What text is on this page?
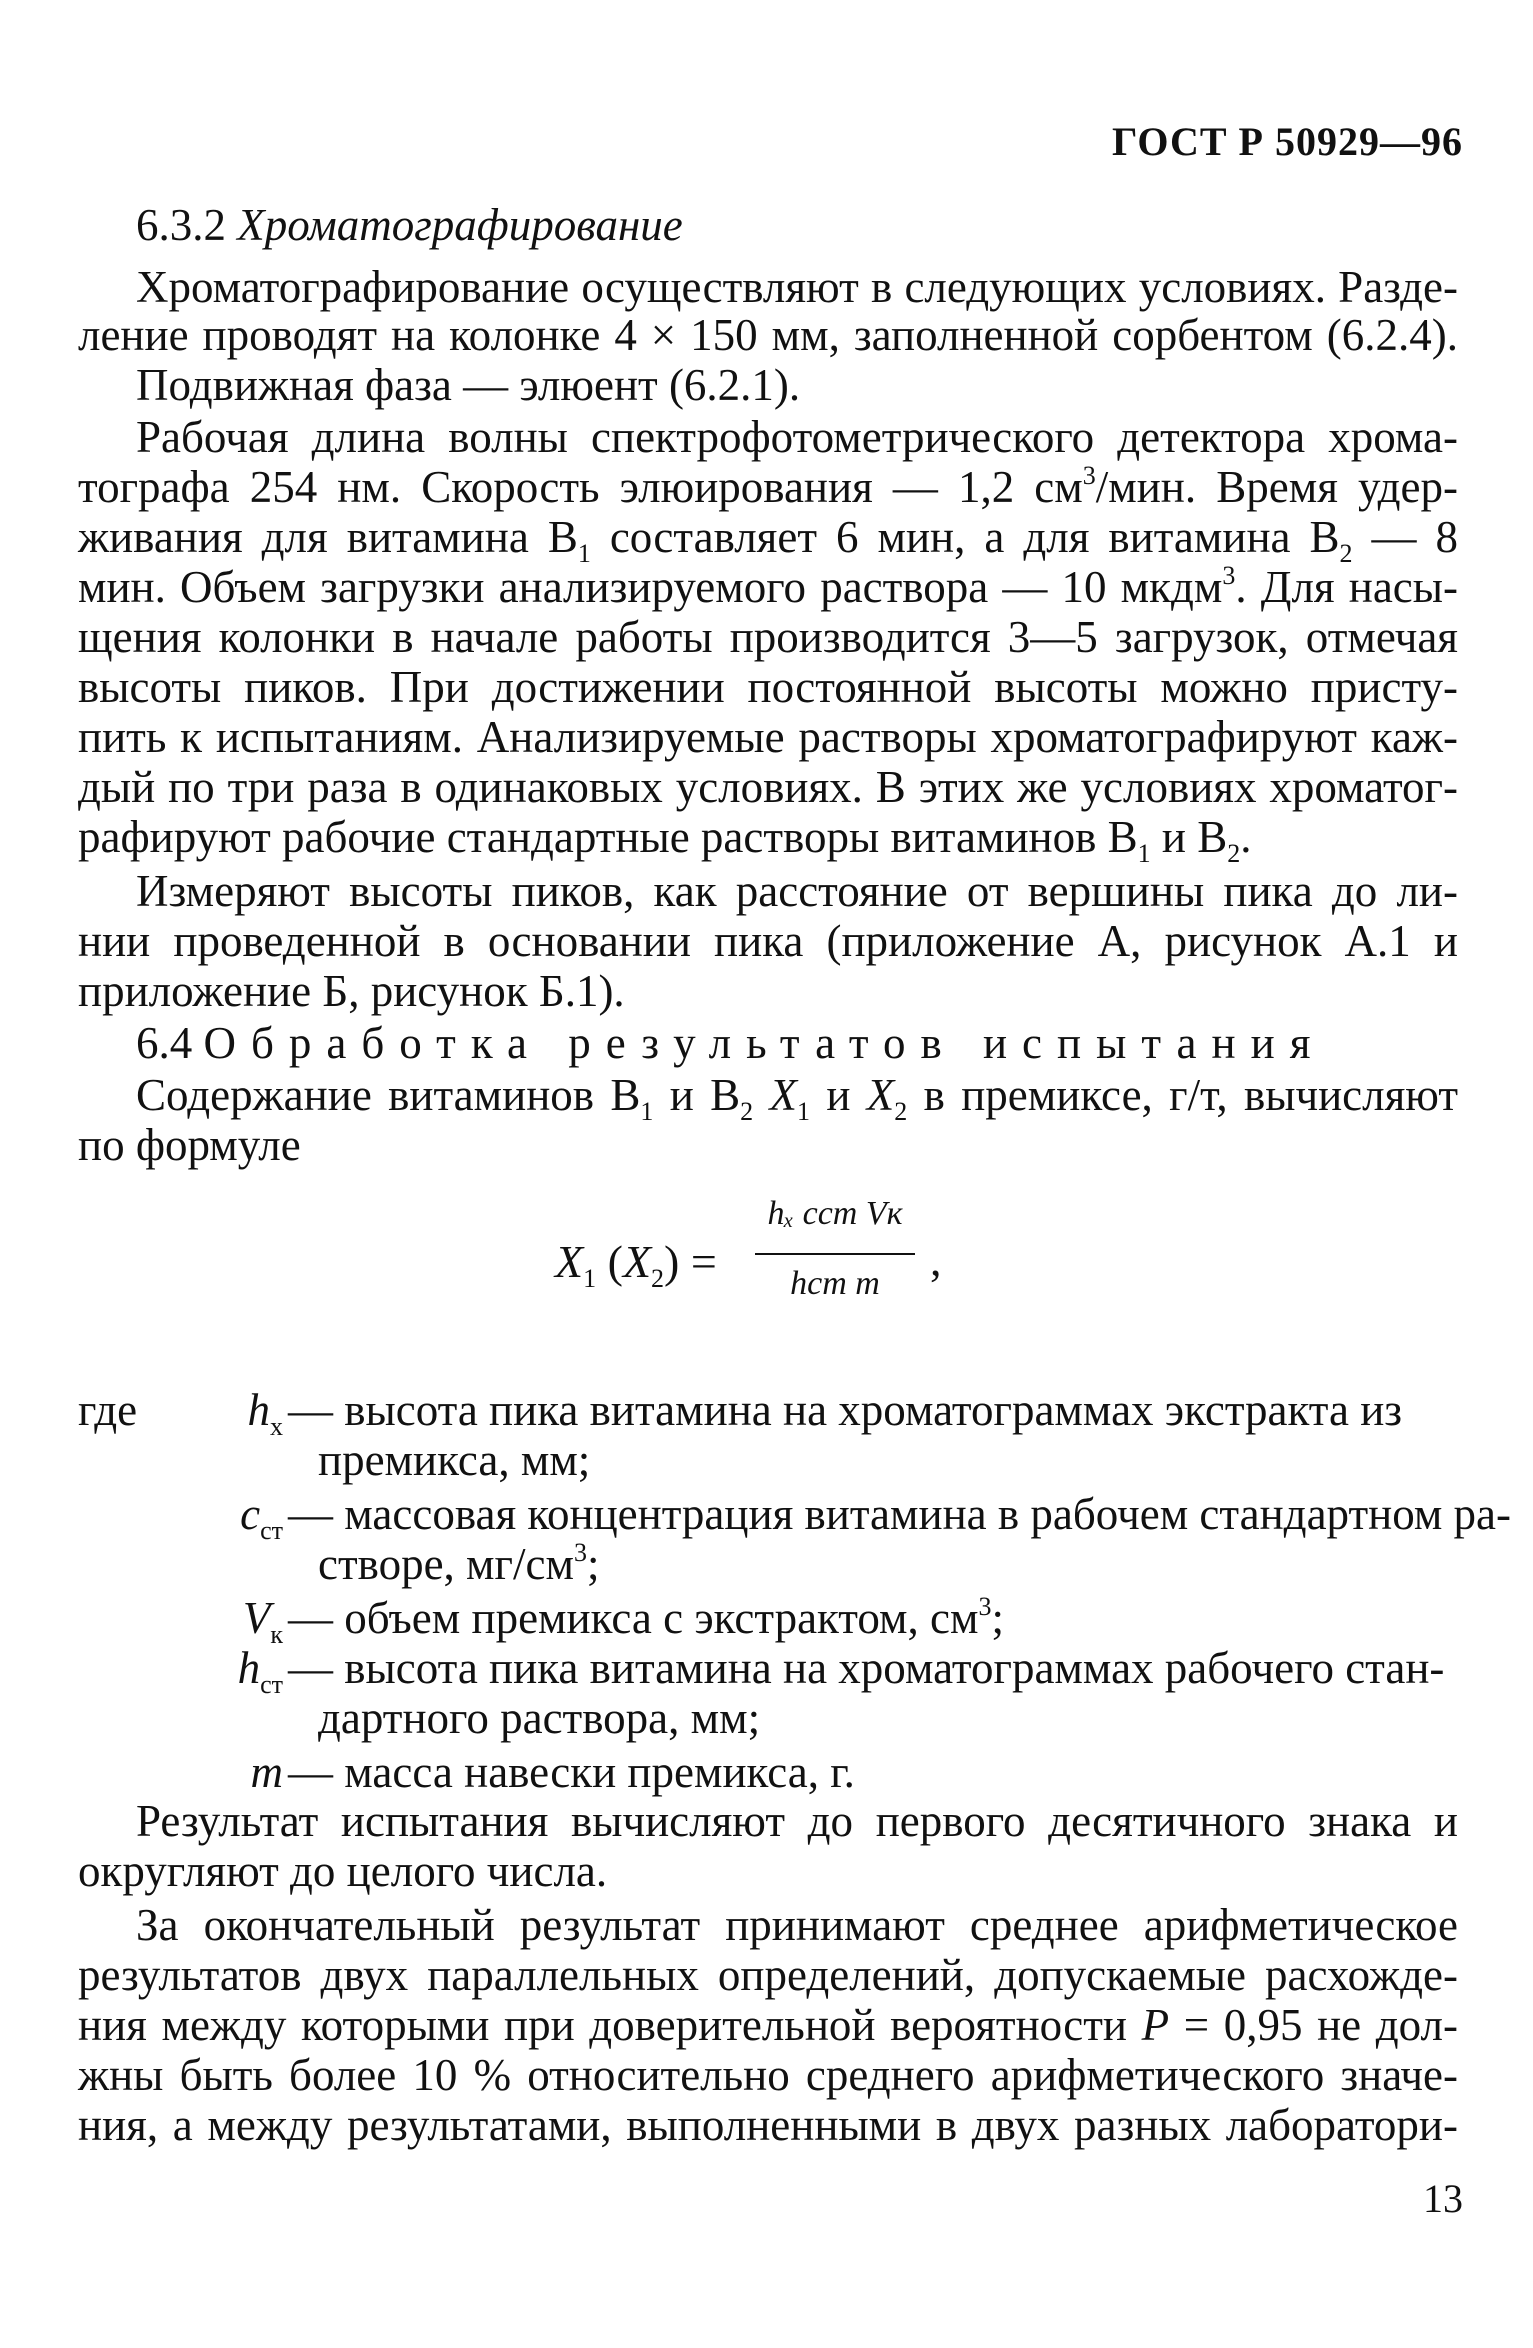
ГОСТ Р 50929—96
6.3.2 Хроматографирование
Хроматографирование осуществляют в следующих условиях. Разде-
ление проводят на колонке 4 × 150 мм, заполненной сорбентом (6.2.4).
Подвижная фаза — элюент (6.2.1).
Рабочая длина волны спектрофотометрического детектора хрома-
тографа 254 нм. Скорость элюирования — 1,2 $см^3$/мин. Время удер-
живания для витамина $В_1$ составляет 6 мин, а для витамина $В_2$ — 8
мин. Объем загрузки анализируемого раствора — 10 мкдм$^3$. Для насы-
щения колонки в начале работы производится 3—5 загрузок, отмечая
высоты пиков. При достижении постоянной высоты можно присту-
пить к испытаниям. Анализируемые растворы хроматографируют каж-
дый по три раза в одинаковых условиях. В этих же условиях хроматог-
рафируют рабочие стандартные растворы витаминов $В_1$ и $В_2$.
Измеряют высоты пиков, как расстояние от вершины пика до ли-
нии проведенной в основании пика (приложение А, рисунок А.1 и
приложение Б, рисунок Б.1).
6.4 Обработка результатов испытания
Содержание витаминов $В_1$ и $В_2$ $X_1$ и $X_2$ в премиксе, г/т, вычисляют
по формуле
$X_1$ $(X_2)$ =
hₓ cст Vк
hст m	,
где $h_х$ — высота пика витамина на хроматограммах экстракта из
премикса, мм;
$c_{ст}$ — массовая концентрация витамина в рабочем стандартном ра-
створе, $мг/см^3$;
$V_к$ — объем премикса с экстрактом, $см^3$;
$h_{ст}$ — высота пика витамина на хроматограммах рабочего стан-
дартного раствора, мм;
m — масса навески премикса, г.
Результат испытания вычисляют до первого десятичного знака и
округляют до целого числа.
За окончательный результат принимают среднее арифметическое
результатов двух параллельных определений, допускаемые расхожде-
ния между которыми при доверительной вероятности P = 0,95 не дол-
жны быть более 10 % относительно среднего арифметического значе-
ния, а между результатами, выполненными в двух разных лаборатори-
13
